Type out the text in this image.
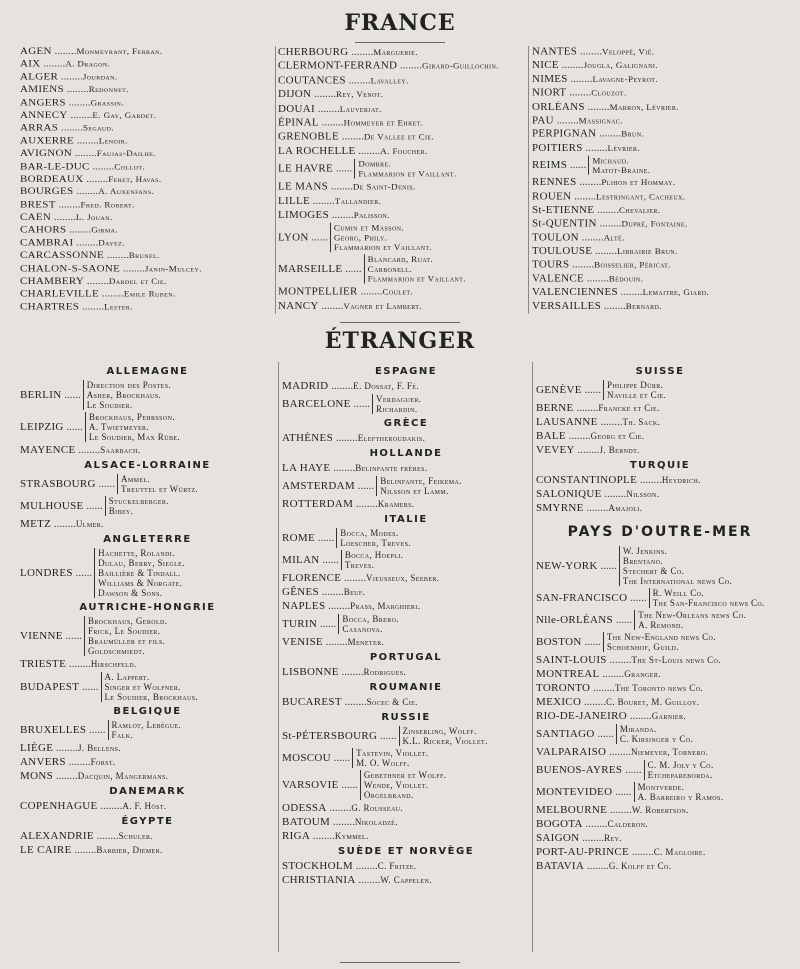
FRANCE
AGEN ........ Monmeyrant, Ferran.
AIX ........ A. Dragon.
ALGER ........ Jourdan.
AMIENS ........ Redonnet.
ANGERS ........ Grassin.
ANNECY ........ E. Gay, Gardet.
ARRAS ........ Segaud.
AUXERRE ........ Lenoir.
AVIGNON ........ Faujas-Dailhe.
BAR-LE-DUC ........ Collot.
BORDEAUX ........ Feret, Havas.
BOURGES ........ A. Auxenfans.
BREST ........ Fred. Robert.
CAEN ........ L. Jouan.
CAHORS ........ Girma.
CAMBRAI ........ Dayez.
CARCASSONNE ........ Brunel.
CHALON-S-SAONE ........ Janin-Mulcey.
CHAMBERY ........ Dardel et Cie.
CHARLEVILLE ........ Emile Ruben.
CHARTRES ........ Lester.
CHERBOURG ........ Marguerie.
CLERMONT-FERRAND ........ Girard-Guillochin.
COUTANCES ........ Lavalley.
DIJON ........ Rey, Venot.
DOUAI ........ Lauverjat.
ÉPINAL ........ Hommeyer et Ehret.
GRENOBLE ........ De Vallee et Cie.
LA ROCHELLE ........ A. Foucher.
LE HAVRE ...... Dombre.
Flammarion et Vaillant.
LE MANS ........ De Saint-Denis.
LILLE ........ Tallandier.
LIMOGES ........ Palisson.
LYON ......
Cumin et Masson.
Georg, Phily.
Flammarion et Vaillant.
MARSEILLE ......
Blancard, Ruat.
Carbonell.
Flammarion et Vaillant.
MONTPELLIER ........ Coulet.
NANCY ........ Vagner et Lambert.
NANTES ........ Veloppé, Vié.
NICE ........ Jougla, Galignani.
NIMES ........ Lavagne-Peyrot.
NIORT ........ Clouzot.
ORLÉANS ........ Marron, Lévrier.
PAU ........ Massignac.
PERPIGNAN ........ Brun.
POITIERS ........ Lévrier.
REIMS ...... Michaud.
Matot-Braine.
RENNES ........ Plihon et Hommay.
ROUEN ........ Lestringant, Cacheux.
St-ETIENNE ........ Chevalier.
St-QUENTIN ........ Dupré, Fontaine.
TOULON ........ Alté.
TOULOUSE ........ Librairie Brun.
TOURS ........ Boisselier, Péricat.
VALENCE ........ Bédouin.
VALENCIENNES ........ Lemaitre, Giard.
VERSAILLES ........ Bernard.
ÉTRANGER
ALLEMAGNE
BERLIN ......
Direction des Postes.
Asher, Brockhaus.
Le Soudier.
LEIPZIG ......
Brockhaus, Pehrsson.
A. Twietmeyer.
Le Soudier, Max Rübe.
MAYENCE ........ Saarbach.
ALSACE-LORRAINE
STRASBOURG ...... Ammel.
Treuttel et Würtz.
MULHOUSE ...... Stuckelberger.
Bibey.
METZ ........ Ulmer.
ANGLETERRE
LONDRES ......
Hachette, Rolandi.
Dulau, Berry, Siegle.
Baillière & Tindall.
Williams & Norgate.
Dawson & Sons.
AUTRICHE-HONGRIE
VIENNE ......
Brockhaus, Gerold.
Frick, Le Soudier.
Braumüller et fils.
Goldschmiedt.
TRIESTE ........ Hirschfeld.
BUDAPEST ......
A. Lappert.
Singer et Wolfner.
Le Soudier, Brockhaus.
BELGIQUE
BRUXELLES ...... Ramlot, Lebègue.
Falk.
LIÈGE ........ J. Bellens.
ANVERS ........ Forst.
MONS ........ Dacquin, Mangermans.
DANEMARK
COPENHAGUE ........ A. F. Höst.
ÉGYPTE
ALEXANDRIE ........ Schuler.
LE CAIRE ........ Barbier, Diemer.
ESPAGNE
MADRID ........ E. Dossat, F. Fé.
BARCELONE ...... Verdaguer.
Richardin.
GRÈCE
ATHÈNES ........ Eleftheroudakis.
HOLLANDE
LA HAYE ........ Belinfante frères.
AMSTERDAM ...... Belinfante, Feikema.
Nilsson et Lamm.
ROTTERDAM ........ Kramers.
ITALIE
ROME ...... Bocca, Modes.
Loescher, Treves.
MILAN ...... Bocca, Hoepli.
Treves.
FLORENCE ........ Vieusseux, Seeber.
GÊNES ........ Beuf.
NAPLES ........ Prass, Marghieri.
TURIN ...... Bocca, Brero.
Casanova.
VENISE ........ Meneter.
PORTUGAL
LISBONNE ........ Rodrigues.
ROUMANIE
BUCAREST ........ Socec & Cie.
RUSSIE
St-PÉTERSBOURG ...... Zinserling, Wolff.
K.L. Ricker, Viollet.
MOSCOU ...... Tastevin, Viollet.
M. O. Wolff.
VARSOVIE ......
Gebethner et Wolff.
Wende, Viollet.
Orgelbrand.
ODESSA ........ G. Rousseau.
BATOUM ........ Nikoladzé.
RIGA ........ Kymmel.
SUÈDE ET NORVÈGE
STOCKHOLM ........ C. Fritze.
CHRISTIANIA ........ W. Cappelen.
SUISSE
GENÈVE ...... Philippe Dürr.
Naville et Cie.
BERNE ........ Francke et Cie.
LAUSANNE ........ Th. Sack.
BALE ........ Georg et Cie.
VEVEY ........ J. Berndt.
TURQUIE
CONSTANTINOPLE ........ Heydrich.
SALONIQUE ........ Nilsson.
SMYRNE ........ Amajoli.
PAYS D'OUTRE-MER
NEW-YORK ......
W. Jenkins.
Brentano.
Stechert & Co.
The International news Co.
SAN-FRANCISCO ...... R. Weill Co.
The San-Francisco news Co.
Nlle-ORLÉANS ...... The New-Orleans news Co.
A. Remond.
BOSTON ...... The New-England news Co.
Schoenhof, Guild.
SAINT-LOUIS ........ The St-Louis news Co.
MONTREAL ........ Granger.
TORONTO ........ The Toronto news Co.
MEXICO ........ C. Bouret, M. Guilloy.
RIO-DE-JANEIRO ........ Garnier.
SANTIAGO ...... Miranda.
C. Kirsinger y Co.
VALPARAISO ........ Niemeyer, Tornero.
BUENOS-AYRES ...... C. M. Joly y Co.
Etchepareborda.
MONTEVIDEO ...... Montverde.
A. Barreiro y Ramos.
MELBOURNE ........ W. Robertson.
BOGOTA ........ Calderon.
SAIGON ........ Rey.
PORT-AU-PRINCE ........ C. Magloire.
BATAVIA ........ G. Kolff et Co.
